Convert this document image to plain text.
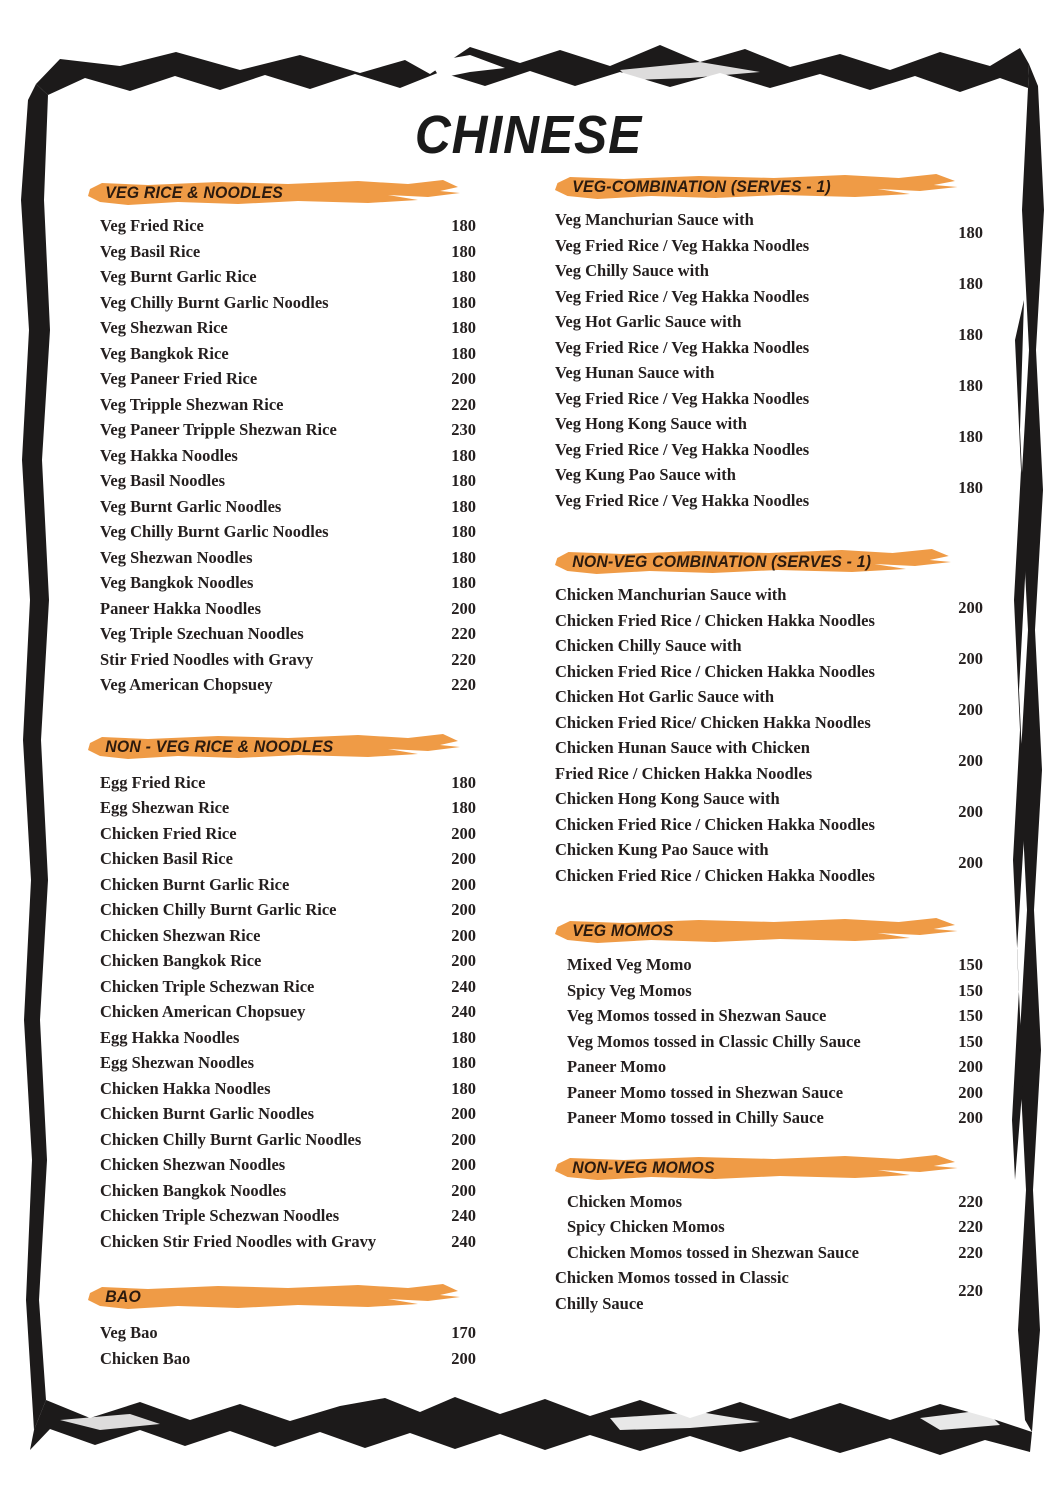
CHINESE
VEG RICE & NOODLES
Veg Fried Rice	180
Veg Basil Rice	180
Veg Burnt Garlic Rice	180
Veg Chilly Burnt Garlic Noodles	180
Veg Shezwan Rice	180
Veg Bangkok Rice	180
Veg Paneer Fried Rice	200
Veg Tripple Shezwan Rice	220
Veg Paneer Tripple Shezwan Rice	230
Veg Hakka Noodles	180
Veg Basil Noodles	180
Veg Burnt Garlic Noodles	180
Veg Chilly Burnt Garlic Noodles	180
Veg Shezwan Noodles	180
Veg Bangkok Noodles	180
Paneer Hakka Noodles	200
Veg Triple Szechuan Noodles	220
Stir Fried Noodles with Gravy	220
Veg American Chopsuey	220
NON - VEG RICE & NOODLES
Egg Fried Rice	180
Egg Shezwan Rice	180
Chicken Fried Rice	200
Chicken Basil Rice	200
Chicken Burnt Garlic Rice	200
Chicken Chilly Burnt Garlic Rice	200
Chicken Shezwan Rice	200
Chicken Bangkok Rice	200
Chicken Triple Schezwan Rice	240
Chicken American Chopsuey	240
Egg Hakka Noodles	180
Egg Shezwan Noodles	180
Chicken Hakka Noodles	180
Chicken Burnt Garlic Noodles	200
Chicken Chilly Burnt Garlic Noodles	200
Chicken Shezwan Noodles	200
Chicken Bangkok Noodles	200
Chicken Triple Schezwan Noodles	240
Chicken Stir Fried Noodles with Gravy	240
BAO
Veg Bao	170
Chicken Bao	200
VEG-COMBINATION (SERVES - 1)
Veg Manchurian Sauce with
Veg Fried Rice / Veg Hakka Noodles
180
Veg Chilly Sauce with
Veg Fried Rice / Veg Hakka Noodles
180
Veg Hot Garlic Sauce with
Veg Fried Rice / Veg Hakka Noodles
180
Veg Hunan Sauce with
Veg Fried Rice / Veg Hakka Noodles
180
Veg Hong Kong Sauce with
Veg Fried Rice / Veg Hakka Noodles
180
Veg Kung Pao Sauce with
Veg Fried Rice / Veg Hakka Noodles
180
NON-VEG COMBINATION (SERVES - 1)
Chicken Manchurian Sauce with
Chicken Fried Rice / Chicken Hakka Noodles
200
Chicken Chilly Sauce with
Chicken Fried Rice / Chicken Hakka Noodles
200
Chicken Hot Garlic Sauce with
Chicken Fried Rice/ Chicken Hakka Noodles
200
Chicken Hunan Sauce with Chicken
Fried Rice / Chicken Hakka Noodles
200
Chicken Hong Kong Sauce with
Chicken Fried Rice / Chicken Hakka Noodles
200
Chicken Kung Pao Sauce with
Chicken Fried Rice / Chicken Hakka Noodles
200
VEG MOMOS
Mixed Veg Momo	150
Spicy Veg Momos	150
Veg Momos tossed in Shezwan Sauce	150
Veg Momos tossed in Classic Chilly Sauce	150
Paneer Momo	200
Paneer Momo tossed in Shezwan Sauce	200
Paneer Momo tossed in Chilly Sauce	200
NON-VEG MOMOS
Chicken Momos	220
Spicy Chicken Momos	220
Chicken Momos tossed in Shezwan Sauce	220
Chicken Momos tossed in Classic
Chilly Sauce
220
